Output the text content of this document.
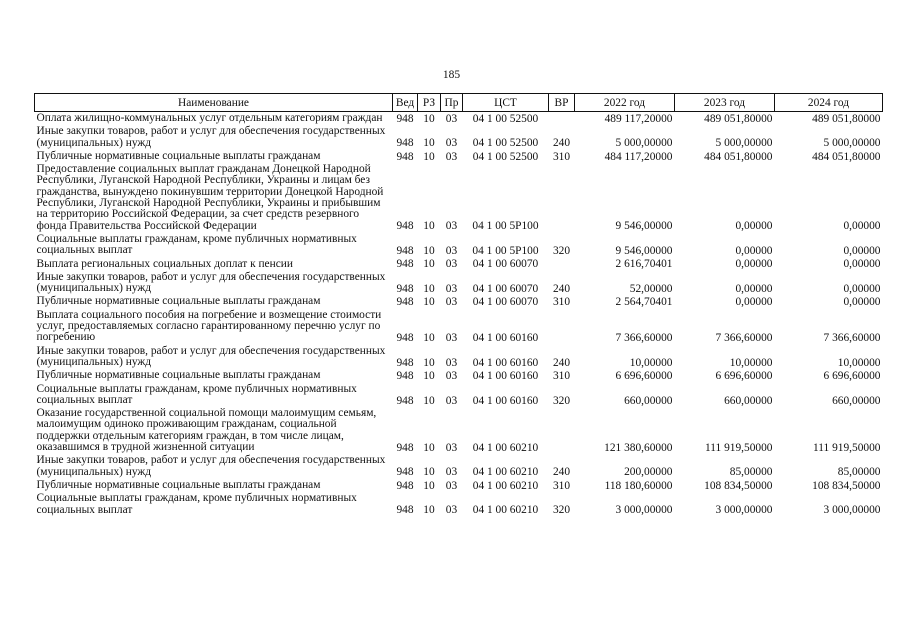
185
Наименование	Вед	РЗ	Пр	ЦСТ	ВР	2022 год	2023 год	2024 год
Оплата жилищно-коммунальных услуг отдельным категориям граждан	948	10	03	04 1 00 52500		489 117,20000	489 051,80000	489 051,80000
Иные закупки товаров, работ и услуг для обеспечения государственных (муниципальных) нужд	948	10	03	04 1 00 52500	240	5 000,00000	5 000,00000	5 000,00000
Публичные нормативные социальные выплаты гражданам	948	10	03	04 1 00 52500	310	484 117,20000	484 051,80000	484 051,80000
Предоставление социальных выплат гражданам Донецкой Народной Республики, Луганской Народной Республики, Украины и лицам без гражданства, вынуждено покинувшим территории Донецкой Народной Республики, Луганской Народной Республики, Украины и прибывшим на территорию Российской Федерации, за счет средств резервного фонда Правительства Российской Федерации	948	10	03	04 1 00 5Р100		9 546,00000	0,00000	0,00000
Социальные выплаты гражданам, кроме публичных нормативных социальных выплат	948	10	03	04 1 00 5Р100	320	9 546,00000	0,00000	0,00000
Выплата региональных социальных доплат к пенсии	948	10	03	04 1 00 60070		2 616,70401	0,00000	0,00000
Иные закупки товаров, работ и услуг для обеспечения государственных (муниципальных) нужд	948	10	03	04 1 00 60070	240	52,00000	0,00000	0,00000
Публичные нормативные социальные выплаты гражданам	948	10	03	04 1 00 60070	310	2 564,70401	0,00000	0,00000
Выплата социального пособия на погребение и возмещение стоимости услуг, предоставляемых согласно гарантированному перечню услуг по погребению	948	10	03	04 1 00 60160		7 366,60000	7 366,60000	7 366,60000
Иные закупки товаров, работ и услуг для обеспечения государственных (муниципальных) нужд	948	10	03	04 1 00 60160	240	10,00000	10,00000	10,00000
Публичные нормативные социальные выплаты гражданам	948	10	03	04 1 00 60160	310	6 696,60000	6 696,60000	6 696,60000
Социальные выплаты гражданам, кроме публичных нормативных социальных выплат	948	10	03	04 1 00 60160	320	660,00000	660,00000	660,00000
Оказание государственной социальной помощи малоимущим семьям, малоимущим одиноко проживающим гражданам, социальной поддержки отдельным категориям граждан, в том числе лицам, оказавшимся в трудной жизненной ситуации	948	10	03	04 1 00 60210		121 380,60000	111 919,50000	111 919,50000
Иные закупки товаров, работ и услуг для обеспечения государственных (муниципальных) нужд	948	10	03	04 1 00 60210	240	200,00000	85,00000	85,00000
Публичные нормативные социальные выплаты гражданам	948	10	03	04 1 00 60210	310	118 180,60000	108 834,50000	108 834,50000
Социальные выплаты гражданам, кроме публичных нормативных социальных выплат	948	10	03	04 1 00 60210	320	3 000,00000	3 000,00000	3 000,00000
